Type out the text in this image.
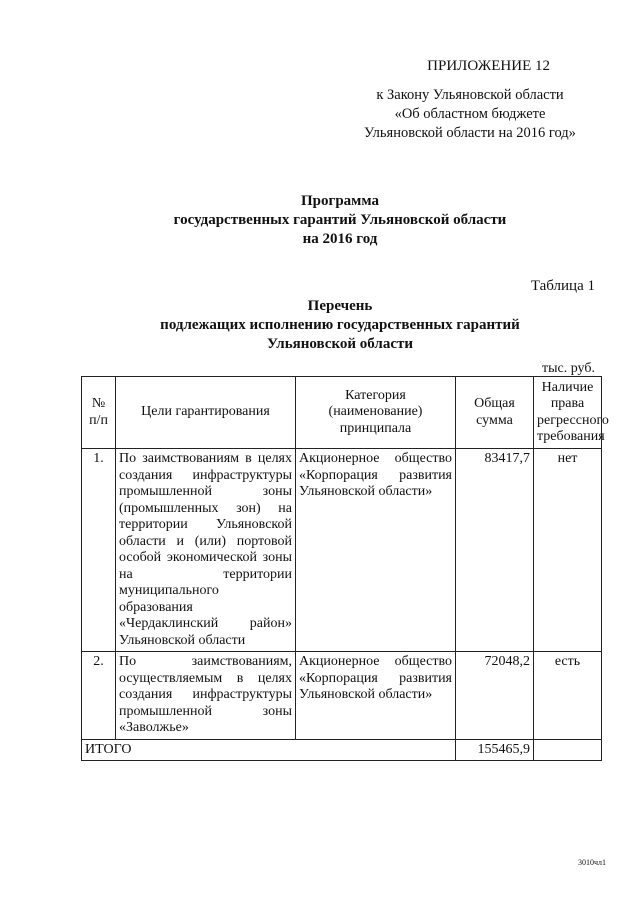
ПРИЛОЖЕНИЕ 12
к Закону Ульяновской области
«Об областном бюджете
Ульяновской области на 2016 год»
Программа
государственных гарантий Ульяновской области
на 2016 год
Таблица 1
Перечень
подлежащих исполнению государственных гарантий
Ульяновской области
тыс. руб.
№ п/п	Цели гарантирования	Категория (наименование) принципала	Общая сумма	Наличие права регрессного требования
1.	По заимствованиям в целях создания инфраструктуры промышленной зоны (промышленных зон) на территории Ульяновской области и (или) портовой особой экономической зоны на территории муниципального образования «Чердаклинский район» Ульяновской области	Акционерное общество «Корпорация развития Ульяновской области»	83417,7	нет
2.	По заимствованиям, осуществляемым в целях создания инфраструктуры промышленной зоны «Заволжье»	Акционерное общество «Корпорация развития Ульяновской области»	72048,2	есть
ИТОГО			155465,9	
3010чл1
